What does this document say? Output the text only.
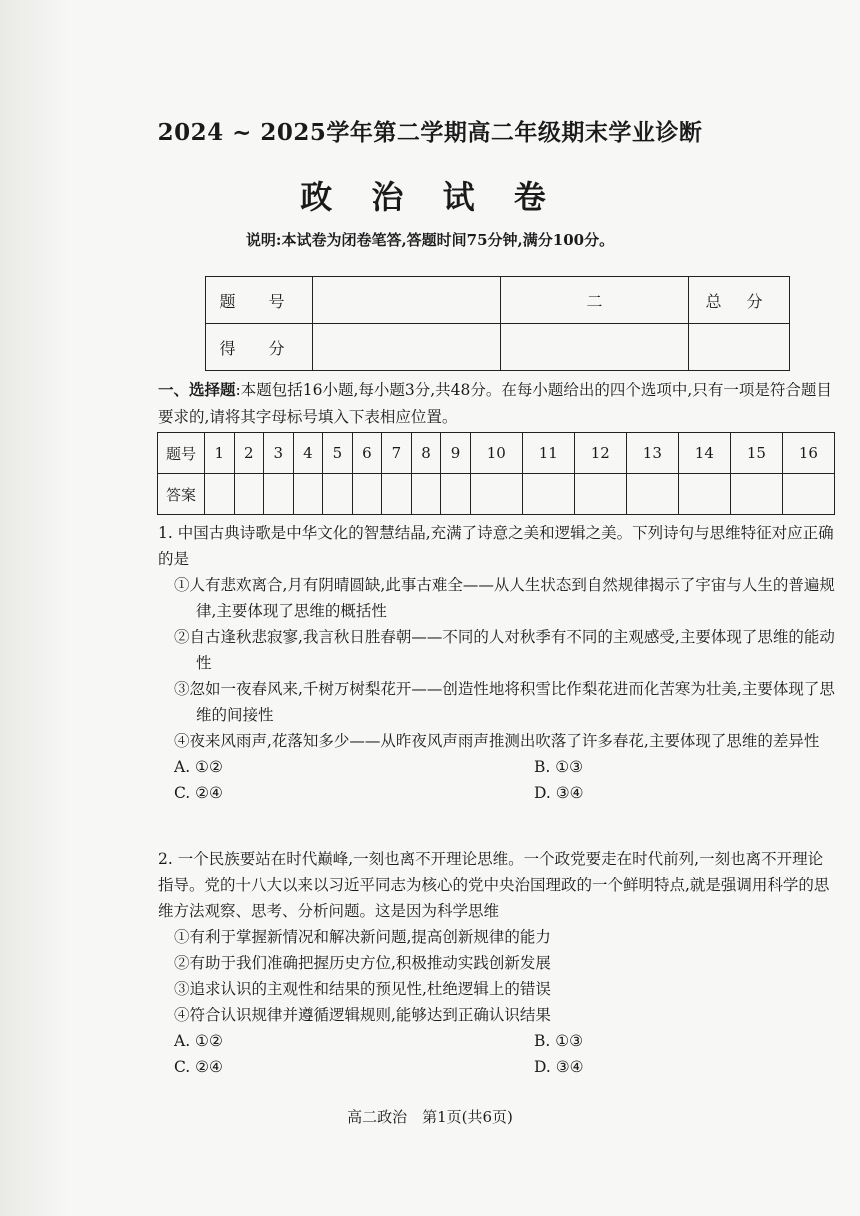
2024 ~ 2025学年第二学期高二年级期末学业诊断
政 治 试 卷
说明:本试卷为闭卷笔答,答题时间75分钟,满分100分。
题 号		二	总 分
得 分			
一、选择题:本题包括16小题,每小题3分,共48分。在每小题给出的四个选项中,只有一项是符合题目要求的,请将其字母标号填入下表相应位置。
题号	1	2	3	4	5	6	7	8	9	10	11	12	13	14	15	16
答案																
1. 中国古典诗歌是中华文化的智慧结晶,充满了诗意之美和逻辑之美。下列诗句与思维特征对应正确的是
①人有悲欢离合,月有阴晴圆缺,此事古难全——从人生状态到自然规律揭示了宇宙与人生的普遍规律,主要体现了思维的概括性
②自古逢秋悲寂寥,我言秋日胜春朝——不同的人对秋季有不同的主观感受,主要体现了思维的能动性
③忽如一夜春风来,千树万树梨花开——创造性地将积雪比作梨花进而化苦寒为壮美,主要体现了思维的间接性
④夜来风雨声,花落知多少——从昨夜风声雨声推测出吹落了许多春花,主要体现了思维的差异性
A. ①②	B. ①③
C. ②④	D. ③④
2. 一个民族要站在时代巅峰,一刻也离不开理论思维。一个政党要走在时代前列,一刻也离不开理论指导。党的十八大以来以习近平同志为核心的党中央治国理政的一个鲜明特点,就是强调用科学的思维方法观察、思考、分析问题。这是因为科学思维
①有利于掌握新情况和解决新问题,提高创新规律的能力
②有助于我们准确把握历史方位,积极推动实践创新发展
③追求认识的主观性和结果的预见性,杜绝逻辑上的错误
④符合认识规律并遵循逻辑规则,能够达到正确认识结果
A. ①②	B. ①③
C. ②④	D. ③④
高二政治　第1页(共6页)
